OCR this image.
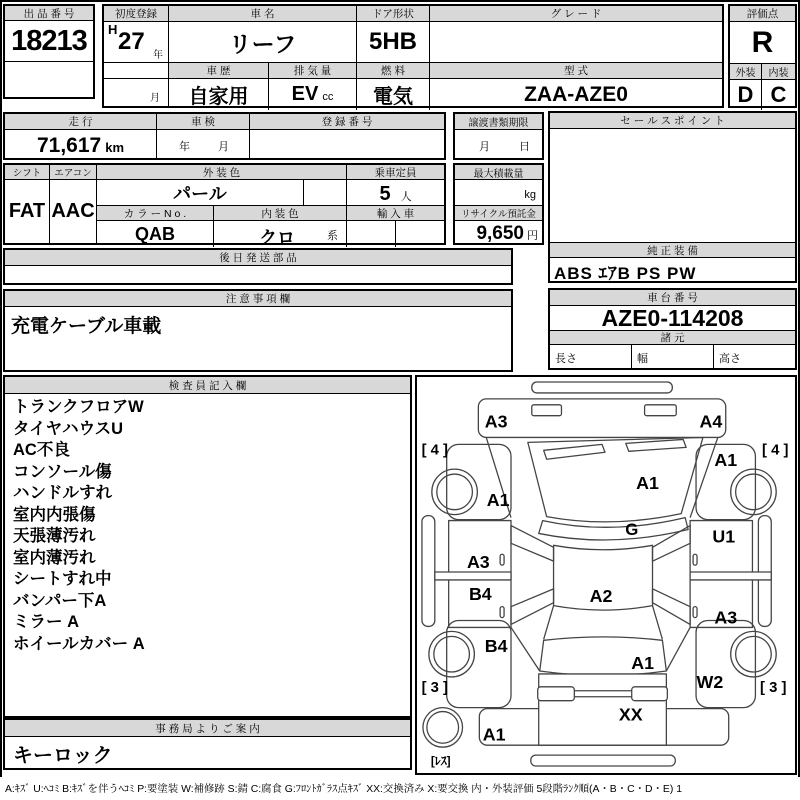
出 品 番 号
18213
初度登録
H 27
年
月
車 名
リーフ
車 歴
自家用
排 気 量
EV cc
ドア形状
5HB
燃 料
電気
グ レ ー ド
型 式
ZAA-AZE0
評価点
R
外装	内装
D C
走 行	車 検	登 録 番 号
71,617 km	年	月
譲渡書類期限
月	日
シフト
FAT
エアコン
AAC
外 装 色	乗車定員
パール	5 人
カ ラ ー N o .	内 装 色	輸 入 車
QAB	クロ	系
最大積載量
kg
リサイクル預託金
9,650 円
後 日 発 送 部 品
注 意 事 項 欄
充電ケーブル車載
セ ー ル ス ポ イ ン ト
純 正 装 備
ABS ｴｱB PS PW
車 台 番 号
AZE0-114208
諸 元
長さ	幅	高さ
検 査 員 記 入 欄
トランクフロアW
タイヤハウスU
AC不良
コンソール傷
ハンドルすれ
室内内張傷
天張薄汚れ
室内薄汚れ
シートすれ中
バンパー下A
ミラー A
ホイールカバー A
事 務 局 よ り ご 案 内
キーロック
A3	A4
[ 4 ]	[ 4 ]
A1
A1
A1
G
A3
U1
B4	A2
A3
B4
A1
W2
[ 3 ]	[ 3 ]
XX
A1
[ﾚｽ]
A:ｷｽﾞ U:ﾍｺﾐ B:ｷｽﾞを伴うﾍｺﾐ P:要塗装 W:補修跡 S:錆 C:腐食 G:ﾌﾛﾝﾄｶﾞﾗｽ点ｷｽﾞ XX:交換済み X:要交換 内・外装評価 5段階ﾗﾝｸ順(A・B・C・D・E) 1
